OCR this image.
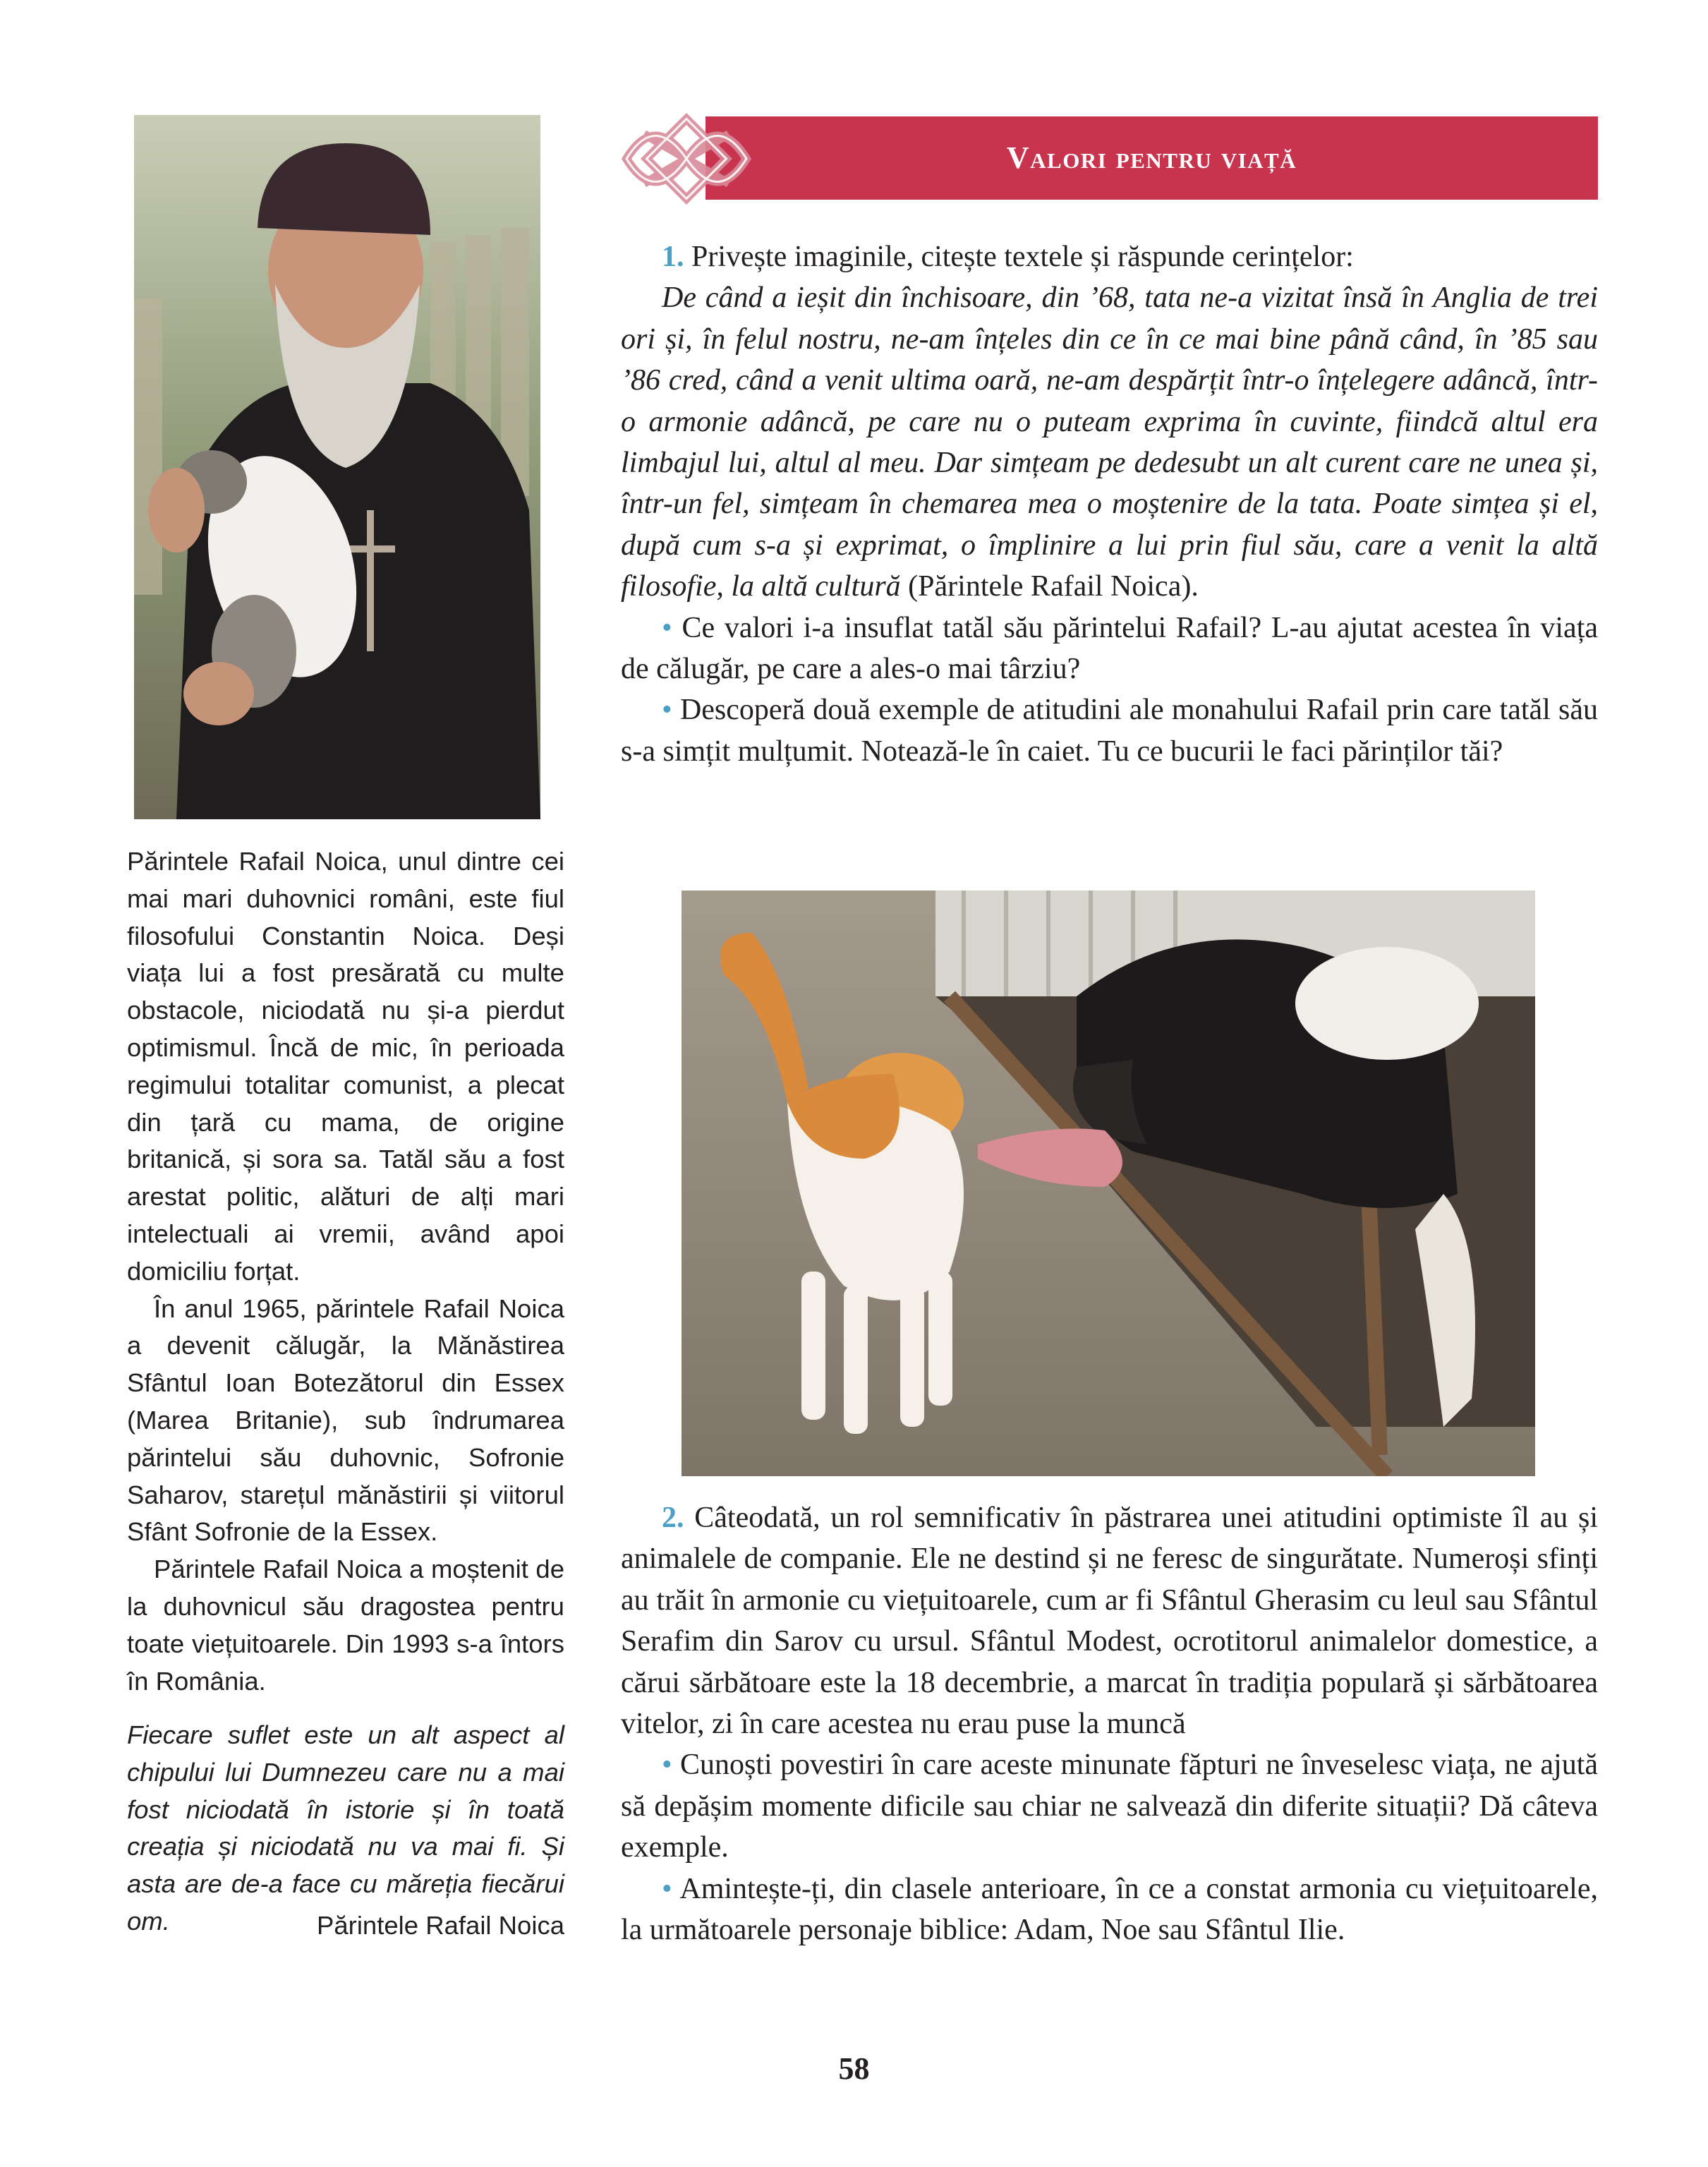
Părintele Rafail Noica, unul dintre cei mai mari duhovnici români, este fiul filosofului Constantin Noica. Deși viața lui a fost presărată cu multe obstacole, niciodată nu și-a pierdut optimismul. Încă de mic, în perioada regimului totalitar comunist, a plecat din țară cu mama, de origine britanică, și sora sa. Tatăl său a fost arestat politic, alături de alți mari intelectuali ai vremii, având apoi domiciliu forțat.

În anul 1965, părintele Rafail Noica a devenit călugăr, la Mănăstirea Sfântul Ioan Botezătorul din Essex (Marea Britanie), sub îndrumarea părintelui său duhovnic, Sofronie Saharov, starețul mănăstirii și viitorul Sfânt Sofronie de la Essex.

Părintele Rafail Noica a moștenit de la duhovnicul său dragostea pentru toate viețuitoarele. Din 1993 s-a întors în România.

Fiecare suflet este un alt aspect al chipului lui Dumnezeu care nu a mai fost niciodată în istorie și în toată creația și niciodată nu va mai fi. Și asta are de-a face cu măreția fiecărui om.	Părintele Rafail Noica
Valori pentru viață

1. Privește imaginile, citește textele și răspunde cerințelor:

De când a ieșit din închisoare, din ’68, tata ne-a vizitat însă în Anglia de trei ori și, în felul nostru, ne-am înțeles din ce în ce mai bine până când, în ’85 sau ’86 cred, când a venit ultima oară, ne-am despărțit într-o înțelegere adâncă, într-o armonie adâncă, pe care nu o puteam exprima în cuvinte, fiindcă altul era limbajul lui, altul al meu. Dar simțeam pe dedesubt un alt curent care ne unea și, într-un fel, simțeam în chemarea mea o moștenire de la tata. Poate simțea și el, după cum s-a și exprimat, o împlinire a lui prin fiul său, care a venit la altă filosofie, la altă cultură (Părintele Rafail Noica).

• Ce valori i-a insuflat tatăl său părintelui Rafail? L-au ajutat acestea în viața de călugăr, pe care a ales-o mai târziu?

• Descoperă două exemple de atitudini ale monahului Rafail prin care tatăl său s-a simțit mulțumit. Notează-le în caiet. Tu ce bucurii le faci părinților tăi?

2. Câteodată, un rol semnificativ în păstrarea unei atitudini optimiste îl au și animalele de companie. Ele ne destind și ne feresc de singurătate. Numeroși sfinți au trăit în armonie cu viețuitoarele, cum ar fi Sfântul Gherasim cu leul sau Sfântul Serafim din Sarov cu ursul. Sfântul Modest, ocrotitorul animalelor domestice, a cărui sărbătoare este la 18 decembrie, a marcat în tradiția populară și sărbătoarea vitelor, zi în care acestea nu erau puse la muncă

• Cunoști povestiri în care aceste minunate făpturi ne înveselesc viața, ne ajută să depășim momente dificile sau chiar ne salvează din diferite situații? Dă câteva exemple.

• Amintește-ți, din clasele anterioare, în ce a constat armonia cu viețuitoarele, la următoarele personaje biblice: Adam, Noe sau Sfântul Ilie.

58
